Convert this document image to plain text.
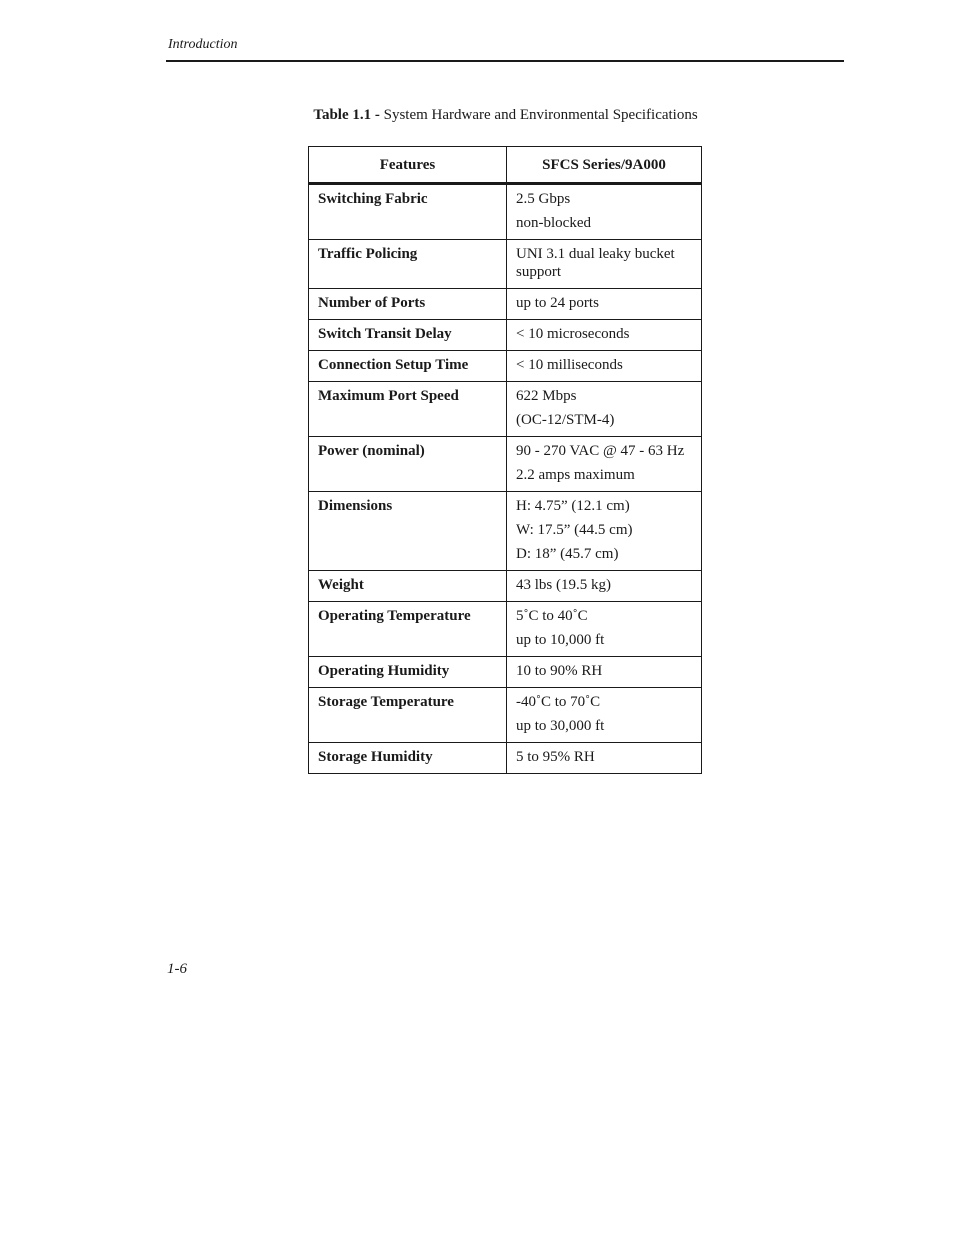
Introduction
Table 1.1 - System Hardware and Environmental Specifications
Features	SFCS Series/9A000
Switching Fabric	2.5 Gbps
non-blocked

Traffic Policing	UNI 3.1 dual leaky bucket support

Number of Ports	up to 24 ports

Switch Transit Delay	< 10 microseconds

Connection Setup Time	< 10 milliseconds

Maximum Port Speed	622 Mbps
(OC-12/STM-4)

Power (nominal)	90 - 270 VAC @ 47 - 63 Hz
2.2 amps maximum

Dimensions	H: 4.75” (12.1 cm)
W: 17.5” (44.5 cm)
D: 18” (45.7 cm)

Weight	43 lbs (19.5 kg)

Operating Temperature	5˚C to 40˚C
up to 10,000 ft

Operating Humidity	10 to 90% RH

Storage Temperature	-40˚C to 70˚C
up to 30,000 ft

Storage Humidity	5 to 95% RH
1-6
